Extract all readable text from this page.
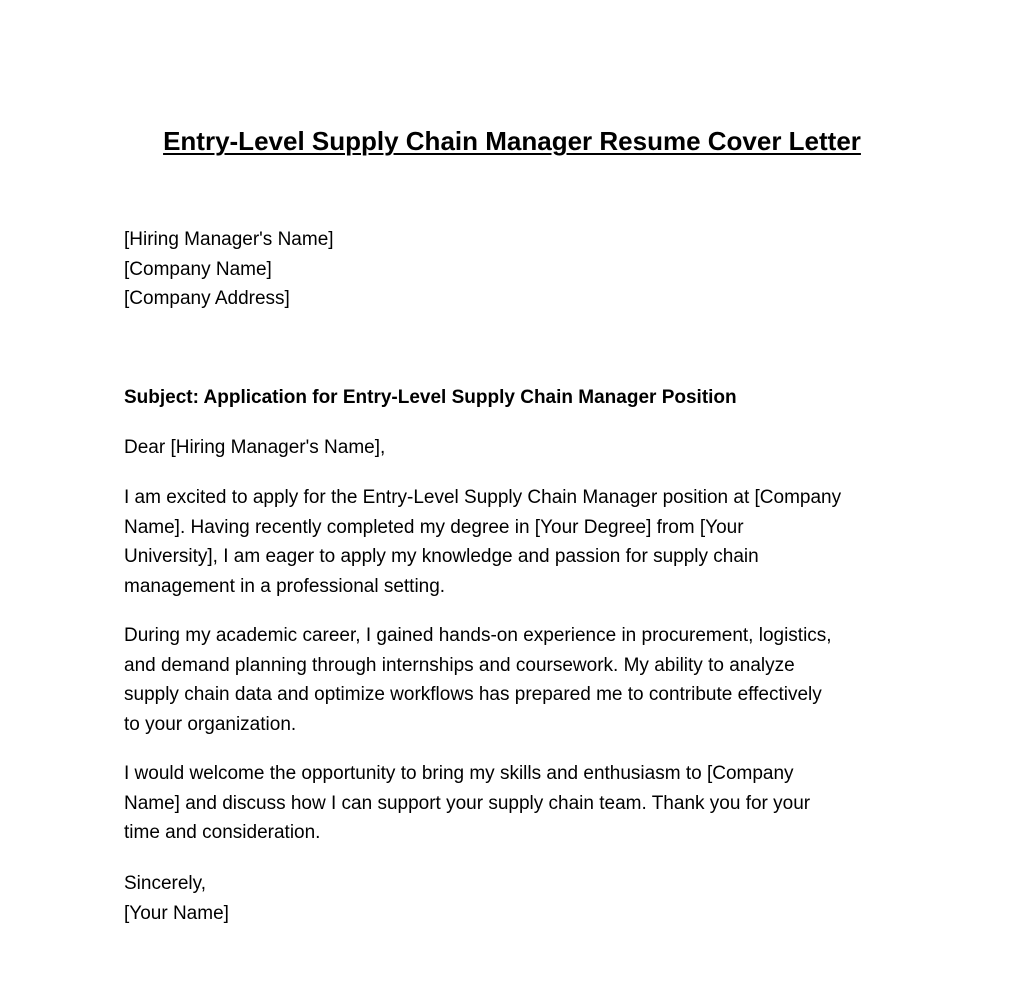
Entry-Level Supply Chain Manager Resume Cover Letter
[Hiring Manager's Name]
[Company Name]
[Company Address]
Subject: Application for Entry-Level Supply Chain Manager Position
Dear [Hiring Manager's Name],
I am excited to apply for the Entry-Level Supply Chain Manager position at [Company
Name]. Having recently completed my degree in [Your Degree] from [Your
University], I am eager to apply my knowledge and passion for supply chain
management in a professional setting.
During my academic career, I gained hands-on experience in procurement, logistics,
and demand planning through internships and coursework. My ability to analyze
supply chain data and optimize workflows has prepared me to contribute effectively
to your organization.
I would welcome the opportunity to bring my skills and enthusiasm to [Company
Name] and discuss how I can support your supply chain team. Thank you for your
time and consideration.
Sincerely,
[Your Name]
